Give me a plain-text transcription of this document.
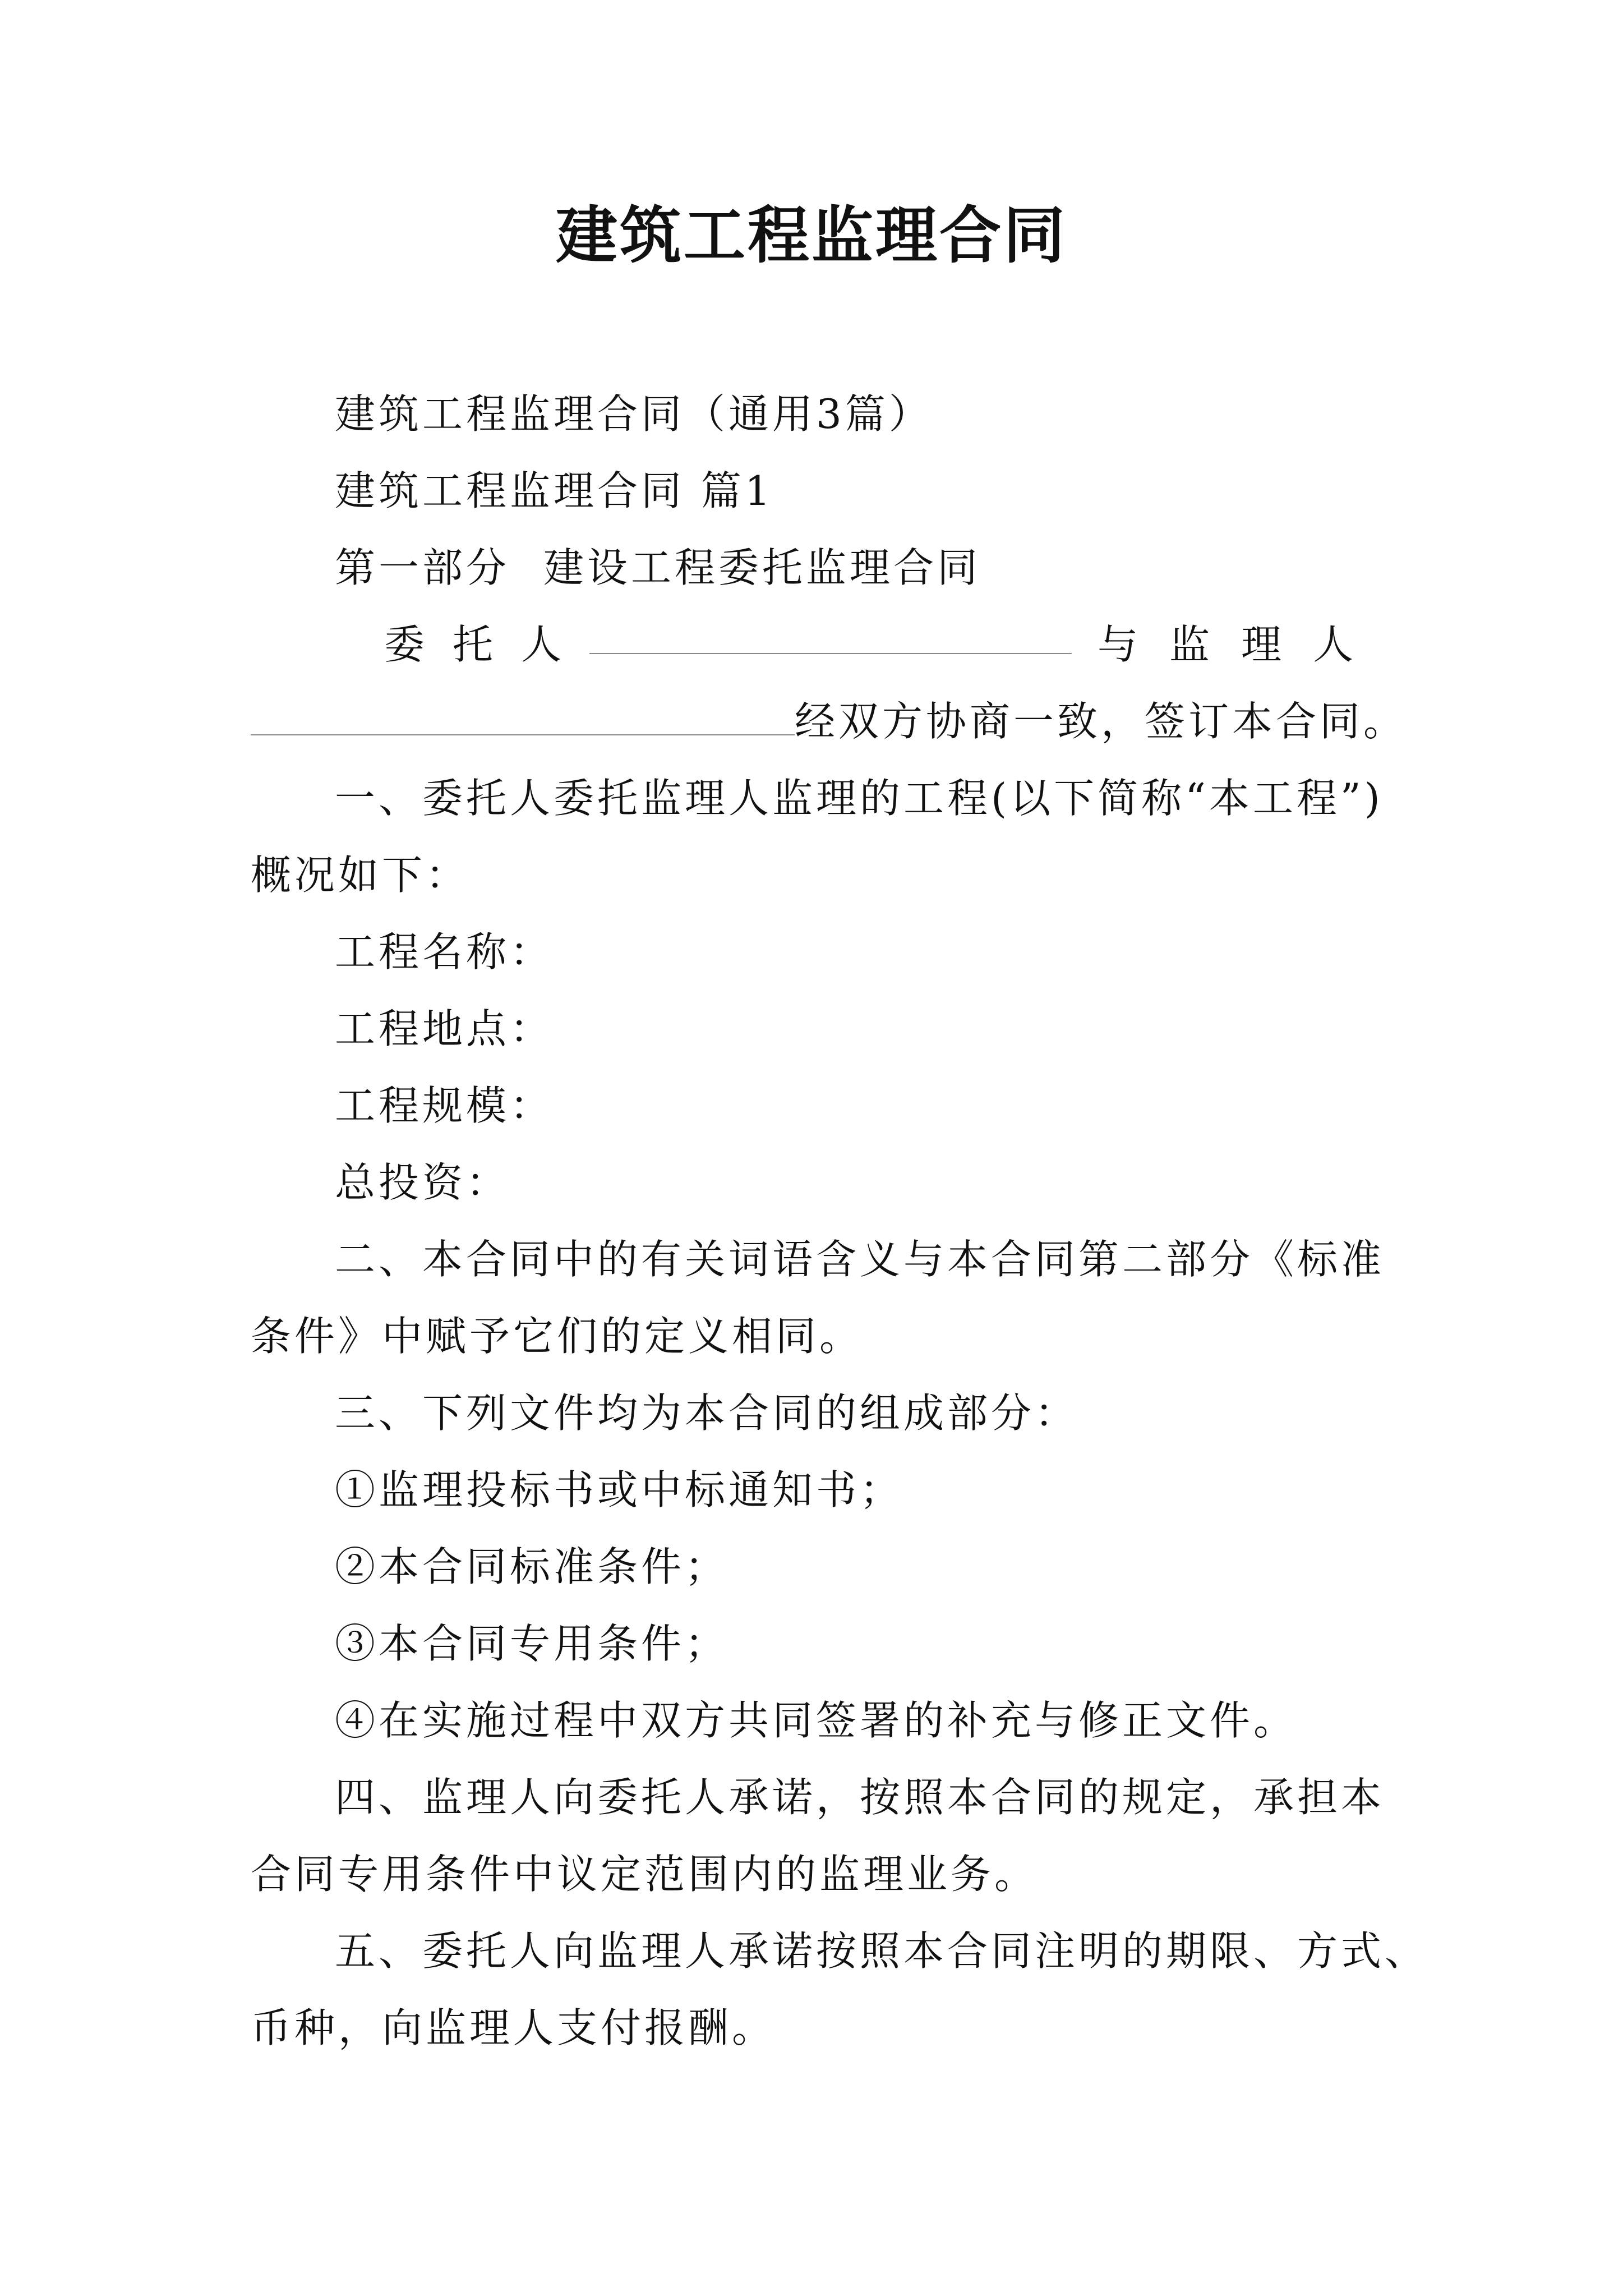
建筑工程监理合同
建筑工程监理合同（通用3篇）
建筑工程监理合同 篇1
第一部分 建设工程委托监理合同
委托人	与监理人
经双方协商一致，签订本合同。
一、委托人委托监理人监理的工程(以下简称“本工程”)
概况如下：
工程名称：
工程地点：
工程规模：
总投资：
二、本合同中的有关词语含义与本合同第二部分《标准
条件》中赋予它们的定义相同。
三、下列文件均为本合同的组成部分：
①监理投标书或中标通知书；
②本合同标准条件；
③本合同专用条件；
④在实施过程中双方共同签署的补充与修正文件。
四、监理人向委托人承诺，按照本合同的规定，承担本
合同专用条件中议定范围内的监理业务。
五、委托人向监理人承诺按照本合同注明的期限、方式、
币种，向监理人支付报酬。
